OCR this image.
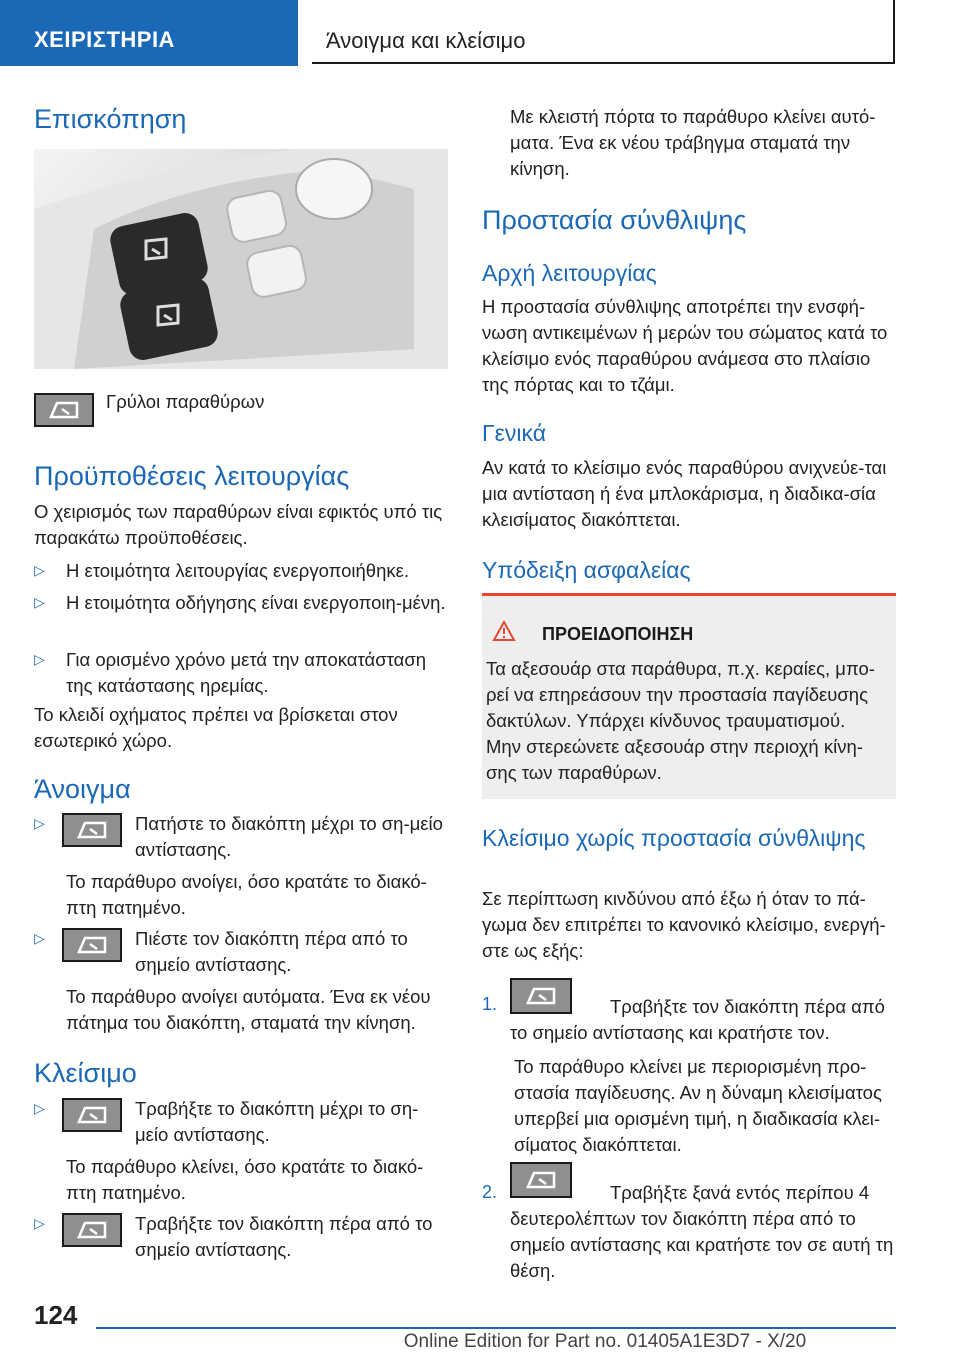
ΧΕΙΡΙΣΤΗΡΙΑ	Άνοιγμα και κλείσιμο
Επισκόπηση

Γρύλοι παραθύρων

Προϋποθέσεις λειτουργίας

Ο χειρισμός των παραθύρων είναι εφικτός υπό τις παρακάτω προϋποθέσεις.

▷	Η ετοιμότητα λειτουργίας ενεργοποιήθηκε.

▷	Η ετοιμότητα οδήγησης είναι ενεργοποιη-μένη.

▷	Για ορισμένο χρόνο μετά την αποκατάσταση της κατάστασης ηρεμίας.

Το κλειδί οχήματος πρέπει να βρίσκεται στον εσωτερικό χώρο.

Άνοιγμα
▷	Πατήστε το διακόπτη μέχρι το ση-μείο αντίστασης.

Το παράθυρο ανοίγει, όσο κρατάτε το διακό-πτη πατημένο.

▷	Πιέστε τον διακόπτη πέρα από το σημείο αντίστασης.

Το παράθυρο ανοίγει αυτόματα. Ένα εκ νέου πάτημα του διακόπτη, σταματά την κίνηση.

Κλείσιμο
▷	Τραβήξτε το διακόπτη μέχρι το ση-μείο αντίστασης.

Το παράθυρο κλείνει, όσο κρατάτε το διακό-πτη πατημένο.

▷	Τραβήξτε τον διακόπτη πέρα από το σημείο αντίστασης.

Με κλειστή πόρτα το παράθυρο κλείνει αυτό-ματα. Ένα εκ νέου τράβηγμα σταματά την κίνηση.

Προστασία σύνθλιψης
Αρχή λειτουργίας

Η προστασία σύνθλιψης αποτρέπει την ενσφή-νωση αντικειμένων ή μερών του σώματος κατά το κλείσιμο ενός παραθύρου ανάμεσα στο πλαίσιο της πόρτας και το τζάμι.

Γενικά

Αν κατά το κλείσιμο ενός παραθύρου ανιχνεύε-ται μια αντίσταση ή ένα μπλοκάρισμα, η διαδικα-σία κλεισίματος διακόπτεται.

Υπόδειξη ασφαλείας
ΠΡΟΕΙΔΟΠΟΙΗΣΗ

Τα αξεσουάρ στα παράθυρα, π.χ. κεραίες, μπο-ρεί να επηρεάσουν την προστασία παγίδευσης δακτύλων. Υπάρχει κίνδυνος τραυματισμού.

Μην στερεώνετε αξεσουάρ στην περιοχή κίνη-σης των παραθύρων.

Κλείσιμο χωρίς προστασία σύνθλιψης

Σε περίπτωση κινδύνου από έξω ή όταν το πά-γωμα δεν επιτρέπει το κανονικό κλείσιμο, ενεργή-στε ως εξής:

1.	Τραβήξτε τον διακόπτη πέρα από το σημείο αντίστασης και κρατήστε τον.

Το παράθυρο κλείνει με περιορισμένη προ-στασία παγίδευσης. Αν η δύναμη κλεισίματος υπερβεί μια ορισμένη τιμή, η διαδικασία κλει-σίματος διακόπτεται.

2.	Τραβήξτε ξανά εντός περίπου 4 δευτερολέπτων τον διακόπτη πέρα από το σημείο αντίστασης και κρατήστε τον σε αυτή τη θέση.

124
Online Edition for Part no. 01405A1E3D7 - X/20
